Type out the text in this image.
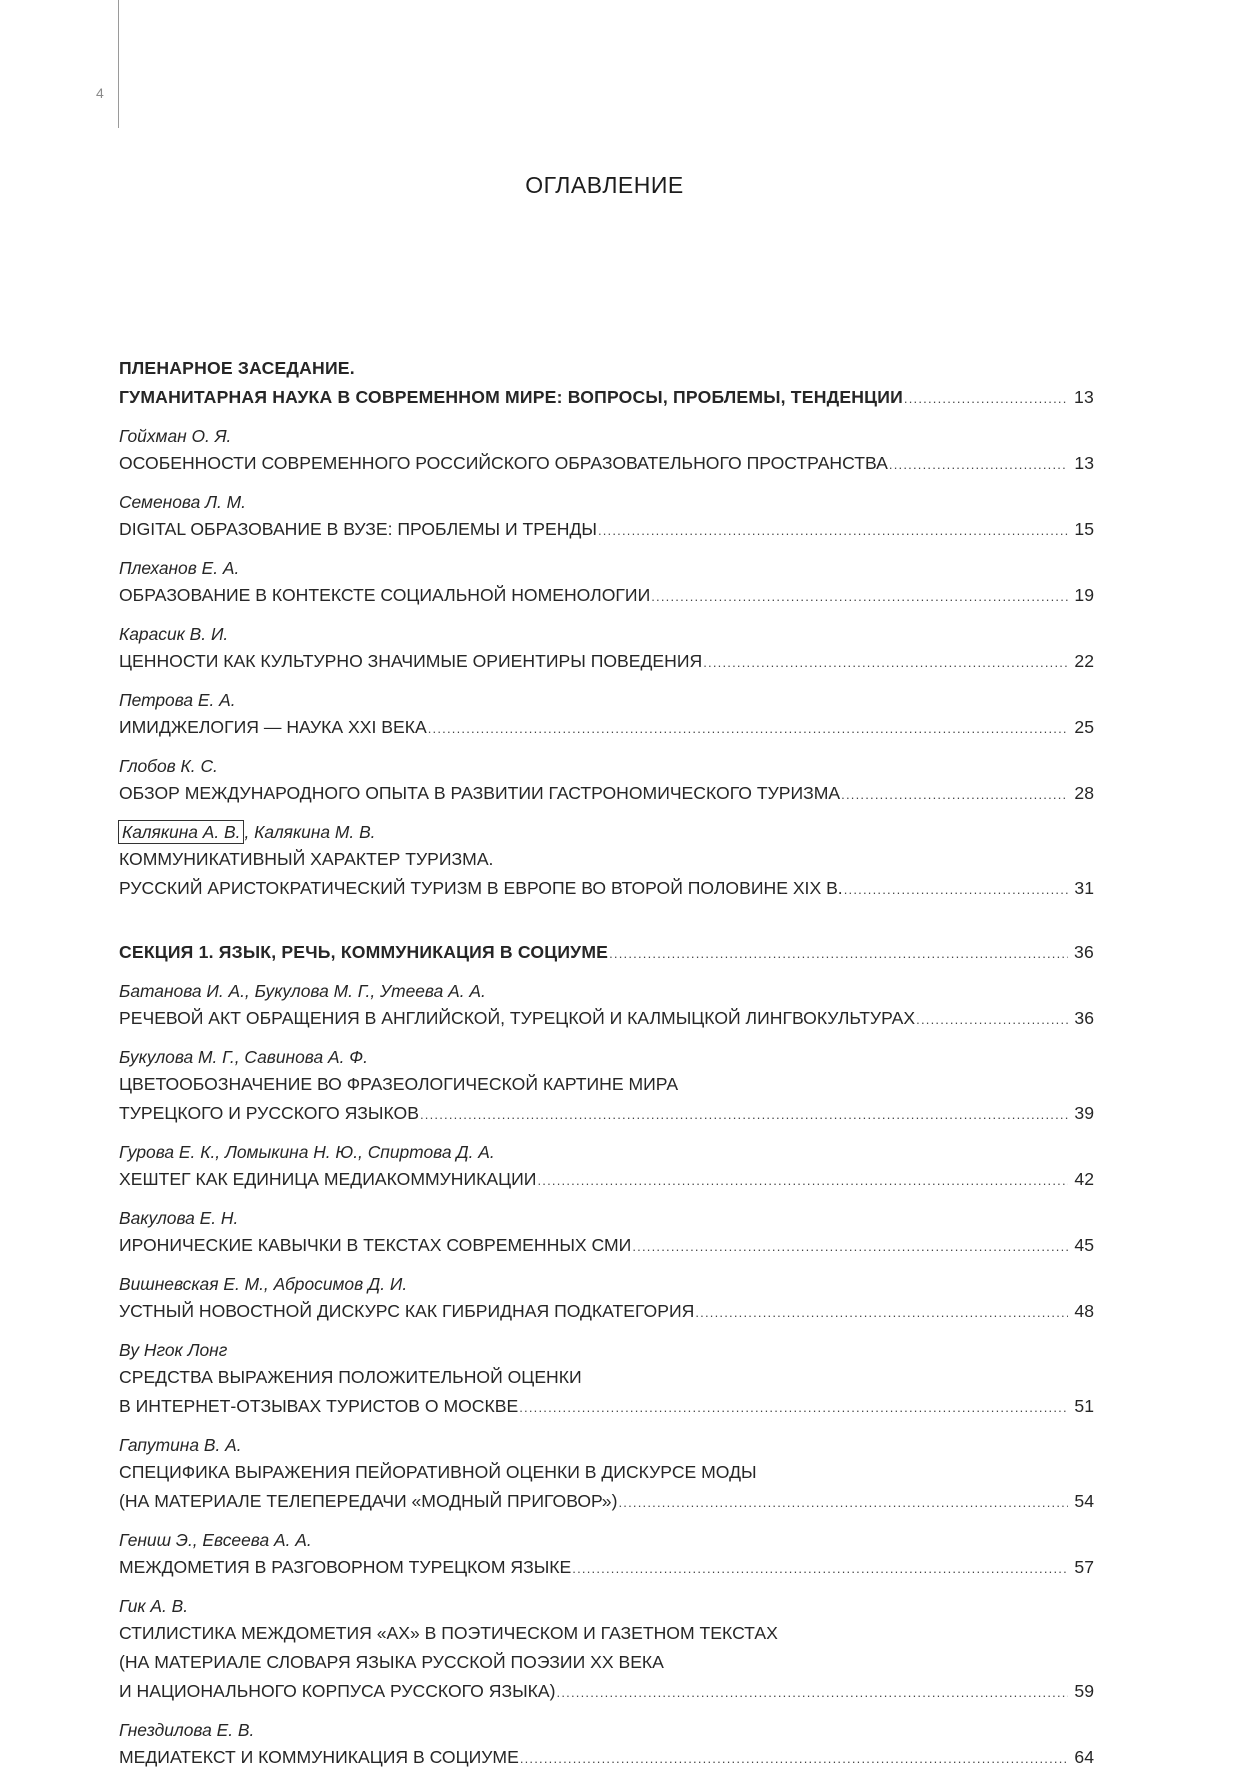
4
ОГЛАВЛЕНИЕ
ПЛЕНАРНОЕ ЗАСЕДАНИЕ.
ГУМАНИТАРНАЯ НАУКА В СОВРЕМЕННОМ МИРЕ: ВОПРОСЫ, ПРОБЛЕМЫ, ТЕНДЕНЦИИ .....	13
Гойхман О. Я.
ОСОБЕННОСТИ СОВРЕМЕННОГО РОССИЙСКОГО ОБРАЗОВАТЕЛЬНОГО ПРОСТРАНСТВА .....	13
Семенова Л. М.
DIGITAL ОБРАЗОВАНИЕ В ВУЗЕ: ПРОБЛЕМЫ И ТРЕНДЫ .....	15
Плеханов Е. А.
ОБРАЗОВАНИЕ В КОНТЕКСТЕ СОЦИАЛЬНОЙ НОМЕНОЛОГИИ .....	19
Карасик В. И.
ЦЕННОСТИ КАК КУЛЬТУРНО ЗНАЧИМЫЕ ОРИЕНТИРЫ ПОВЕДЕНИЯ .....	22
Петрова Е. А.
ИМИДЖЕЛОГИЯ — НАУКА XXI ВЕКА .....	25
Глобов К. С.
ОБЗОР МЕЖДУНАРОДНОГО ОПЫТА В РАЗВИТИИ ГАСТРОНОМИЧЕСКОГО ТУРИЗМА .....	28
Калякина А. В. , Калякина М. В.
КОММУНИКАТИВНЫЙ ХАРАКТЕР ТУРИЗМА.
РУССКИЙ АРИСТОКРАТИЧЕСКИЙ ТУРИЗМ В ЕВРОПЕ ВО ВТОРОЙ ПОЛОВИНЕ XIX В. .....	31
СЕКЦИЯ 1. ЯЗЫК, РЕЧЬ, КОММУНИКАЦИЯ В СОЦИУМЕ .....	36
Батанова И. А., Букулова М. Г., Утеева А. А.
РЕЧЕВОЙ АКТ ОБРАЩЕНИЯ В АНГЛИЙСКОЙ, ТУРЕЦКОЙ И КАЛМЫЦКОЙ ЛИНГВОКУЛЬТУРАХ .....	36
Букулова М. Г., Савинова А. Ф.
ЦВЕТООБОЗНАЧЕНИЕ ВО ФРАЗЕОЛОГИЧЕСКОЙ КАРТИНЕ МИРА
ТУРЕЦКОГО И РУССКОГО ЯЗЫКОВ .....	39
Гурова Е. К., Ломыкина Н. Ю., Спиртова Д. А.
ХЕШТЕГ КАК ЕДИНИЦА МЕДИАКОММУНИКАЦИИ .....	42
Вакулова Е. Н.
ИРОНИЧЕСКИЕ КАВЫЧКИ В ТЕКСТАХ СОВРЕМЕННЫХ СМИ .....	45
Вишневская Е. М., Абросимов Д. И.
УСТНЫЙ НОВОСТНОЙ ДИСКУРС КАК ГИБРИДНАЯ ПОДКАТЕГОРИЯ .....	48
Ву Нгок Лонг
СРЕДСТВА ВЫРАЖЕНИЯ ПОЛОЖИТЕЛЬНОЙ ОЦЕНКИ
В ИНТЕРНЕТ-ОТЗЫВАХ ТУРИСТОВ О МОСКВЕ .....	51
Гапутина В. А.
СПЕЦИФИКА ВЫРАЖЕНИЯ ПЕЙОРАТИВНОЙ ОЦЕНКИ В ДИСКУРСЕ МОДЫ
(НА МАТЕРИАЛЕ ТЕЛЕПЕРЕДАЧИ «МОДНЫЙ ПРИГОВОР») .....	54
Гениш Э., Евсеева А. А.
МЕЖДОМЕТИЯ В РАЗГОВОРНОМ ТУРЕЦКОМ ЯЗЫКЕ .....	57
Гик А. В.
СТИЛИСТИКА МЕЖДОМЕТИЯ «АХ» В ПОЭТИЧЕСКОМ И ГАЗЕТНОМ ТЕКСТАХ
(НА МАТЕРИАЛЕ СЛОВАРЯ ЯЗЫКА РУССКОЙ ПОЭЗИИ XX ВЕКА
И НАЦИОНАЛЬНОГО КОРПУСА РУССКОГО ЯЗЫКА) .....	59
Гнездилова Е. В.
МЕДИАТЕКСТ И КОММУНИКАЦИЯ В СОЦИУМЕ .....	64
